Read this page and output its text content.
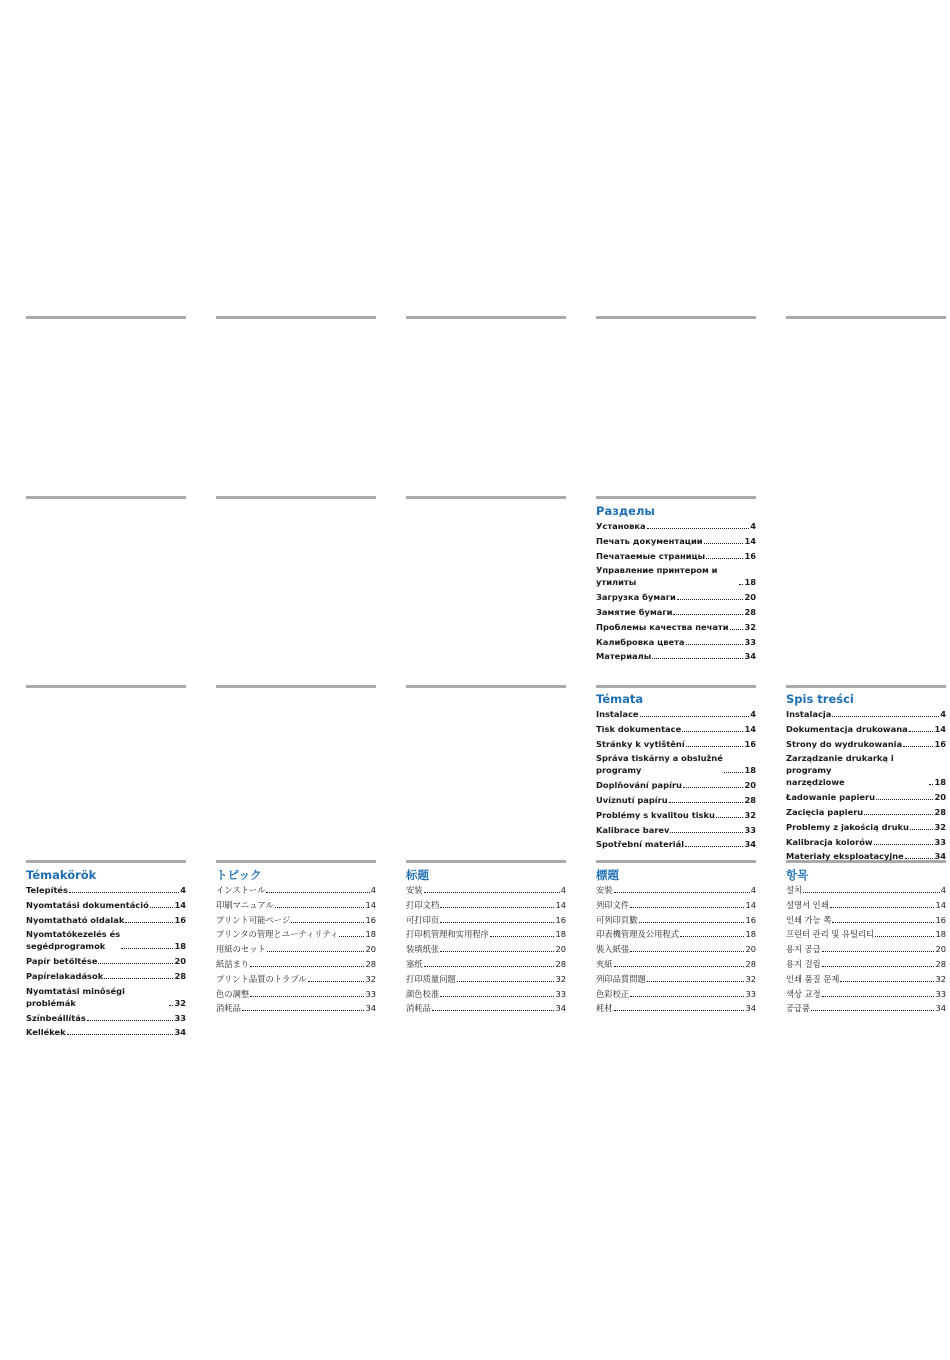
Разделы
Установка	4
Печать документации	14
Печатаемые страницы	16
Управление принтером и утилиты	18
Загрузка бумаги	20
Замятие бумаги	28
Проблемы качества печати 32
Калибровка цвета	33
Материалы	34
Témata
Instalace	4
Tisk dokumentace	14
Stránky k vytištění	16
Správa tiskárny a obslužné
programy	18
Doplňování papíru	20
Uvíznutí papíru	28
Problémy s kvalitou tisku	32
Kalibrace barev	33
Spotřební materiál	34
Spis treści
Instalacja	4
Dokumentacja drukowana	14
Strony do wydrukowania	16
Zarządzanie drukarką i programy
narzędziowe	18
Ładowanie papieru	20
Zacięcia papieru	28
Problemy z jakością druku	32
Kalibracja kolorów	33
Materiały eksploatacyjne	34
Témakörök
Telepítés	4
Nyomtatási dokumentáció	14
Nyomtatható oldalak	16
Nyomtatókezelés és
segédprogramok	18
Papír betöltése	20
Papírelakadások	28
Nyomtatási minőségi problémák	32
Színbeállítás	33
Kellékek	34
トピック
インストール	4
印刷マニュアル	14
プリント可能ページ	16
プリンタの管理とユーティリティ	18
用紙のセット	20
紙詰まり	28
プリント品質のトラブル	32
色の調整	33
消耗品	34
标题
安装	4
打印文档	14
可打印页	16
打印机管理和实用程序	18
装填纸张	20
塞纸	28
打印质量问题	32
颜色校准	33
消耗品	34
標題
安裝	4
列印文件	14
可列印頁數	16
印表機管理及公用程式	18
裝入紙張	20
夾紙	28
列印品質問題	32
色彩校正	33
耗材	34
항목
설치	4
설명서 인쇄	14
인쇄 가능 쪽	16
프린터 관리 및 유틸리티	18
용지 공급	20
용지 걸림	28
인쇄 품질 문제	32
색상 교정	33
공급품	34
